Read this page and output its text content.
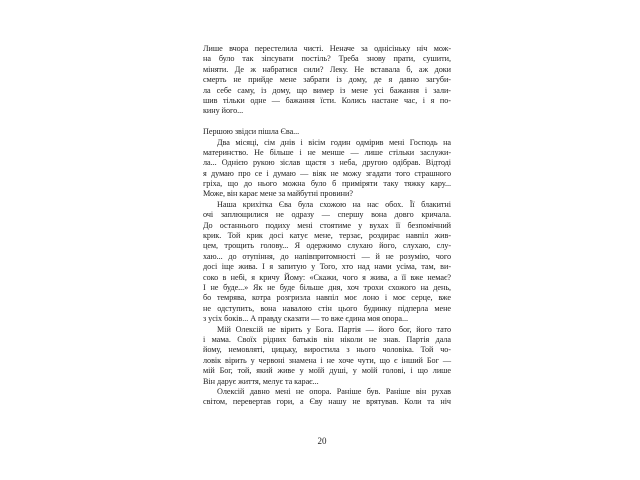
Лише вчора перестелила чисті. Неначе за одніcіньку ніч мож-
на було так зіпсувати постіль? Треба знову прати, сушити,
міняти. Де ж набратися сили? Леку. Не вставала б, аж доки
смерть не прийде мене забрати із дому, де я давно загуби-
ла себе саму, із дому, що вимер із мене усі бажання і зали-
шив тільки одне — бажання їсти. Колись настане час, і я по-
кину його...
Першою звідси пішла Єва...
Два місяці, сім днів і вісім годин одмірив мені Господь на
материнство. Не більше і не менше — лише стільки заслужи-
ла... Однією рукою зіслав щастя з неба, другою одібрав. Відтоді
я думаю про се і думаю — віяк не можу згадати того страшного
гріха, що до нього можна було б приміряти таку тяжку кару...
Може, він карає мене за майбутні провини?
Наша крихітка Єва була схожою на нас обох. Її блакитні
очі заплющилися не одразу — спершу вона довго кричала.
До останнього подиху мені стоятиме у вухах її безпомічний
крик. Той крик досі катує мене, терзає, роздирає навпіл жив-
цем, трощить голову... Я одержимо слухаю його, слухаю, слу-
хаю... до отупіння, до напівпритомності — й не розумію, чого
досі іще жива. І я запитую у Того, хто над нами усіма, там, ви-
соко в небі, я кричу Йому: «Скажи, чого я жива, а її вже немає?
І не буде...» Як не буде більше дня, хоч трохи схожого на день,
бо темрява, котра розгризла навпіл моє лоно і моє серце, вже
не одступить, вона навалою стін цього будинку підперла мене
з усіх боків... А правду сказати — то вже єдина моя опора...
Мій Олексій не вірить у Бога. Партія — його бог, його тато
і мама. Своїх рідних батьків він ніколи не знав. Партія дала
йому, немовляті, цицьку, виростила з нього чоловіка. Той чо-
ловік вірить у червоні знамена і не хоче чути, що є інший Бог —
мій Бог, той, який живе у моїй душі, у моїй голові, і що лише
Він дарує життя, мелує та карає...
Олексій давно мені не опора. Раніше був. Раніше він рухав
світом, перевертав гори, а Єву нашу не врятував. Коли та ніч
20
